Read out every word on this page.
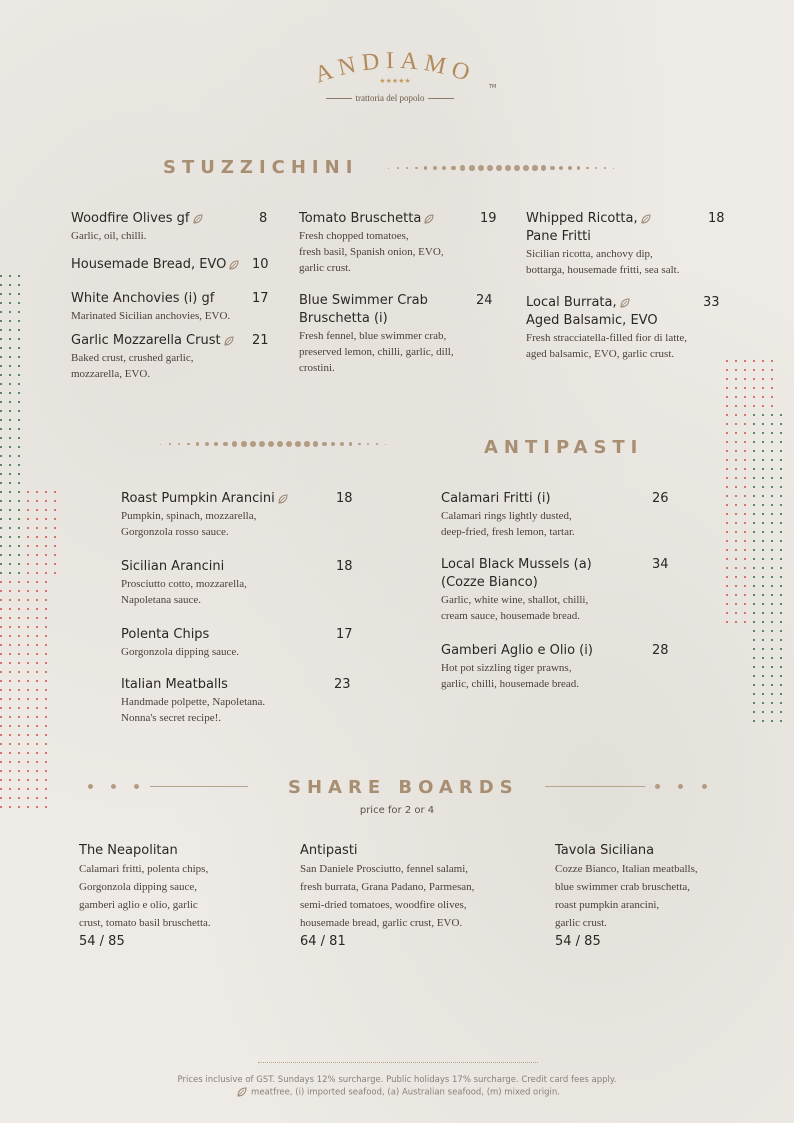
ANDIAMO
★★★★★
TM
trattoria del popolo
STUZZICHINI
Woodfire Olives gf	8
Garlic, oil, chilli.
Housemade Bread, EVO	10
White Anchovies (i) gf	17
Marinated Sicilian anchovies, EVO.
Garlic Mozzarella Crust	21
Baked crust, crushed garlic,
mozzarella, EVO.
Tomato Bruschetta	19
Fresh chopped tomatoes,
fresh basil, Spanish onion, EVO,
garlic crust.
Blue Swimmer Crab
Bruschetta (i)
24
Fresh fennel, blue swimmer crab,
preserved lemon, chilli, garlic, dill,
crostini.
Whipped Ricotta,
Pane Fritti
18
Sicilian ricotta, anchovy dip,
bottarga, housemade fritti, sea salt.
Local Burrata,
Aged Balsamic, EVO
33
Fresh stracciatella-filled fior di latte,
aged balsamic, EVO, garlic crust.
ANTIPASTI
Roast Pumpkin Arancini	18
Pumpkin, spinach, mozzarella,
Gorgonzola rosso sauce.
Sicilian Arancini	18
Prosciutto cotto, mozzarella,
Napoletana sauce.
Polenta Chips	17
Gorgonzola dipping sauce.
Italian Meatballs	23
Handmade polpette, Napoletana.
Nonna's secret recipe!.
Calamari Fritti (i)	26
Calamari rings lightly dusted,
deep-fried, fresh lemon, tartar.
Local Black Mussels (a)
(Cozze Bianco)
34
Garlic, white wine, shallot, chilli,
cream sauce, housemade bread.
Gamberi Aglio e Olio (i)	28
Hot pot sizzling tiger prawns,
garlic, chilli, housemade bread.
SHARE BOARDS
price for 2 or 4
The Neapolitan
Calamari fritti, polenta chips,
Gorgonzola dipping sauce,
gamberi aglio e olio, garlic
crust, tomato basil bruschetta.
54 / 85
Antipasti
San Daniele Prosciutto, fennel salami,
fresh burrata, Grana Padano, Parmesan,
semi-dried tomatoes, woodfire olives,
housemade bread, garlic crust, EVO.
64 / 81
Tavola Siciliana
Cozze Bianco, Italian meatballs,
blue swimmer crab bruschetta,
roast pumpkin arancini,
garlic crust.
54 / 85
Prices inclusive of GST. Sundays 12% surcharge. Public holidays 17% surcharge. Credit card fees apply.
meatfree, (i) imported seafood, (a) Australian seafood, (m) mixed origin.
